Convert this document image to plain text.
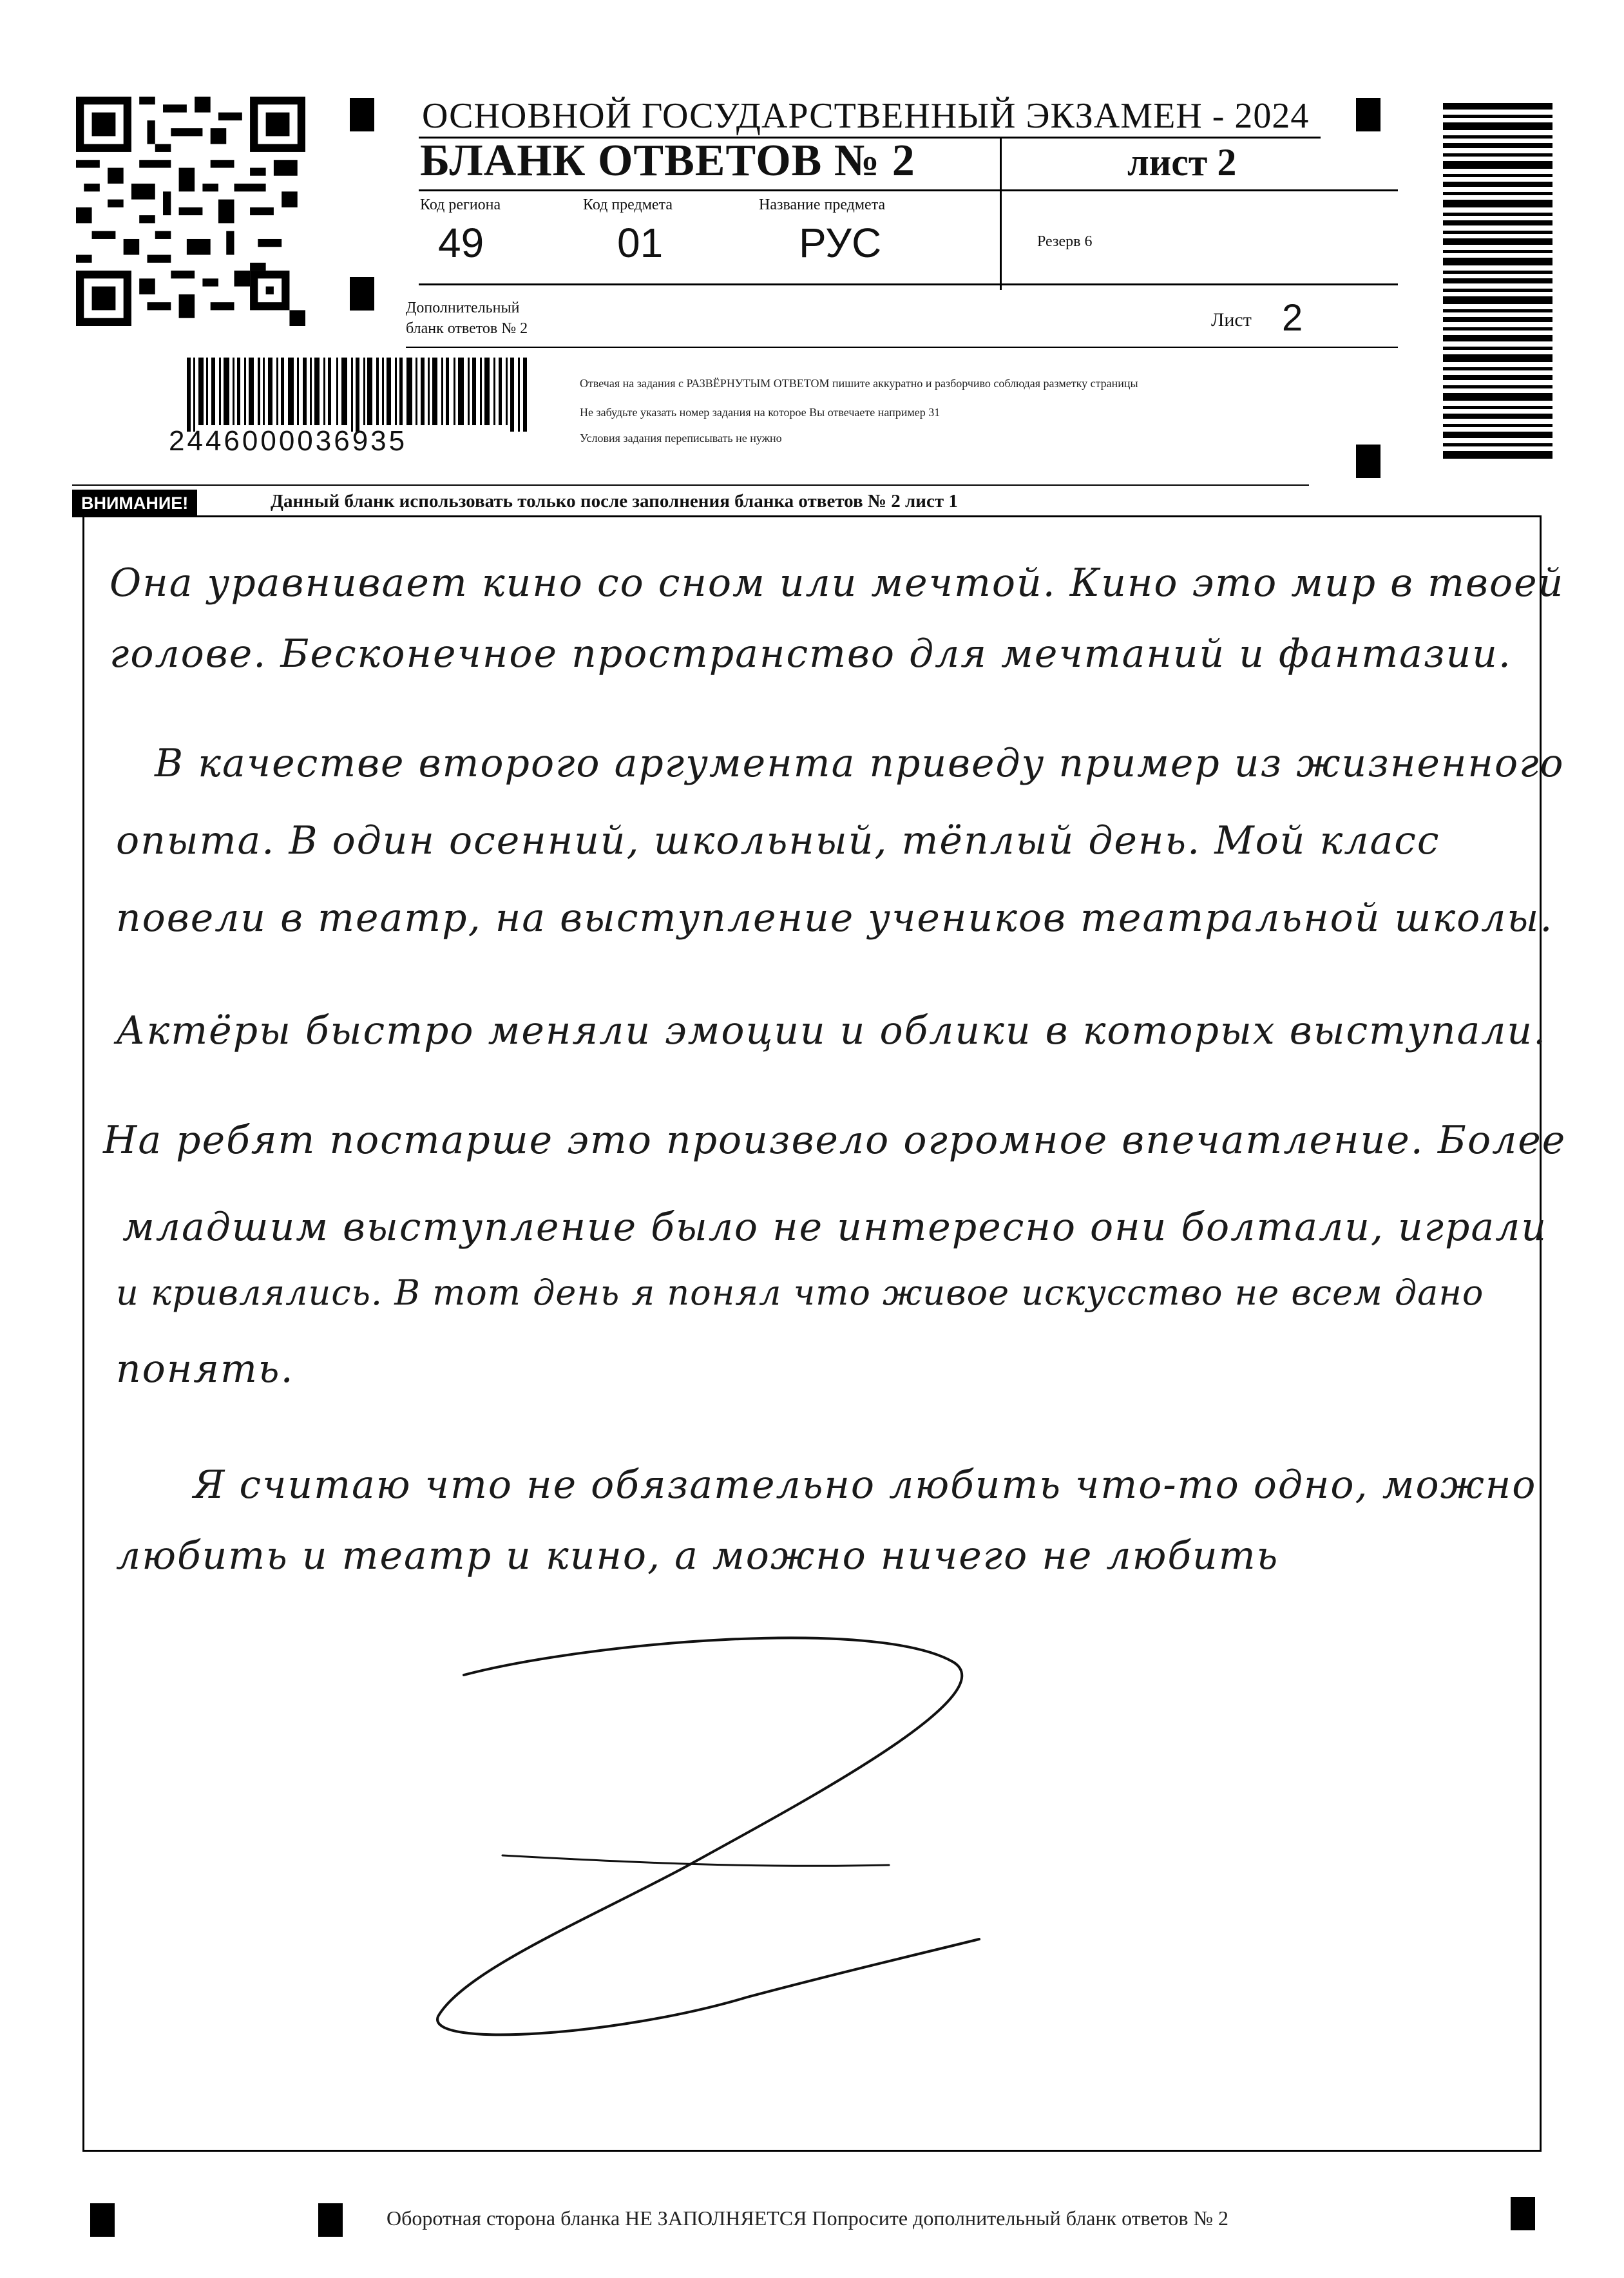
ОСНОВНОЙ ГОСУДАРСТВЕННЫЙ ЭКЗАМЕН - 2024
БЛАНК ОТВЕТОВ № 2	лист 2
Код региона	Код предмета	Название предмета
49	01	РУС	Резерв 6
Дополнительный
бланк ответов № 2	Лист 2
2446000036935
Отвечая на задания с РАЗВЁРНУТЫМ ОТВЕТОМ пишите аккуратно и разборчиво соблюдая разметку страницы
Не забудьте указать номер задания на которое Вы отвечаете например 31
Условия задания переписывать не нужно
ВНИМАНИЕ!	Данный бланк использовать только после заполнения бланка ответов № 2 лист 1
Она уравнивает кино со сном или мечтой. Кино это мир в твоей
голове. Бесконечное пространство для мечтаний и фантазии.
В качестве второго аргумента приведу пример из жизненного
опыта. В один осенний, школьный, тёплый день. Мой класс
повели в театр, на выступление учеников театральной школы.
Актёры быстро меняли эмоции и облики в которых выступали.
На ребят постарше это произвело огромное впечатление. Более
младшим выступление было не интересно они болтали, играли
и кривлялись. В тот день я понял что живое искусство не всем дано
понять.
Я считаю что не обязательно любить что-то одно, можно
любить и театр и кино, а можно ничего не любить
Оборотная сторона бланка НЕ ЗАПОЛНЯЕТСЯ Попросите дополнительный бланк ответов № 2
